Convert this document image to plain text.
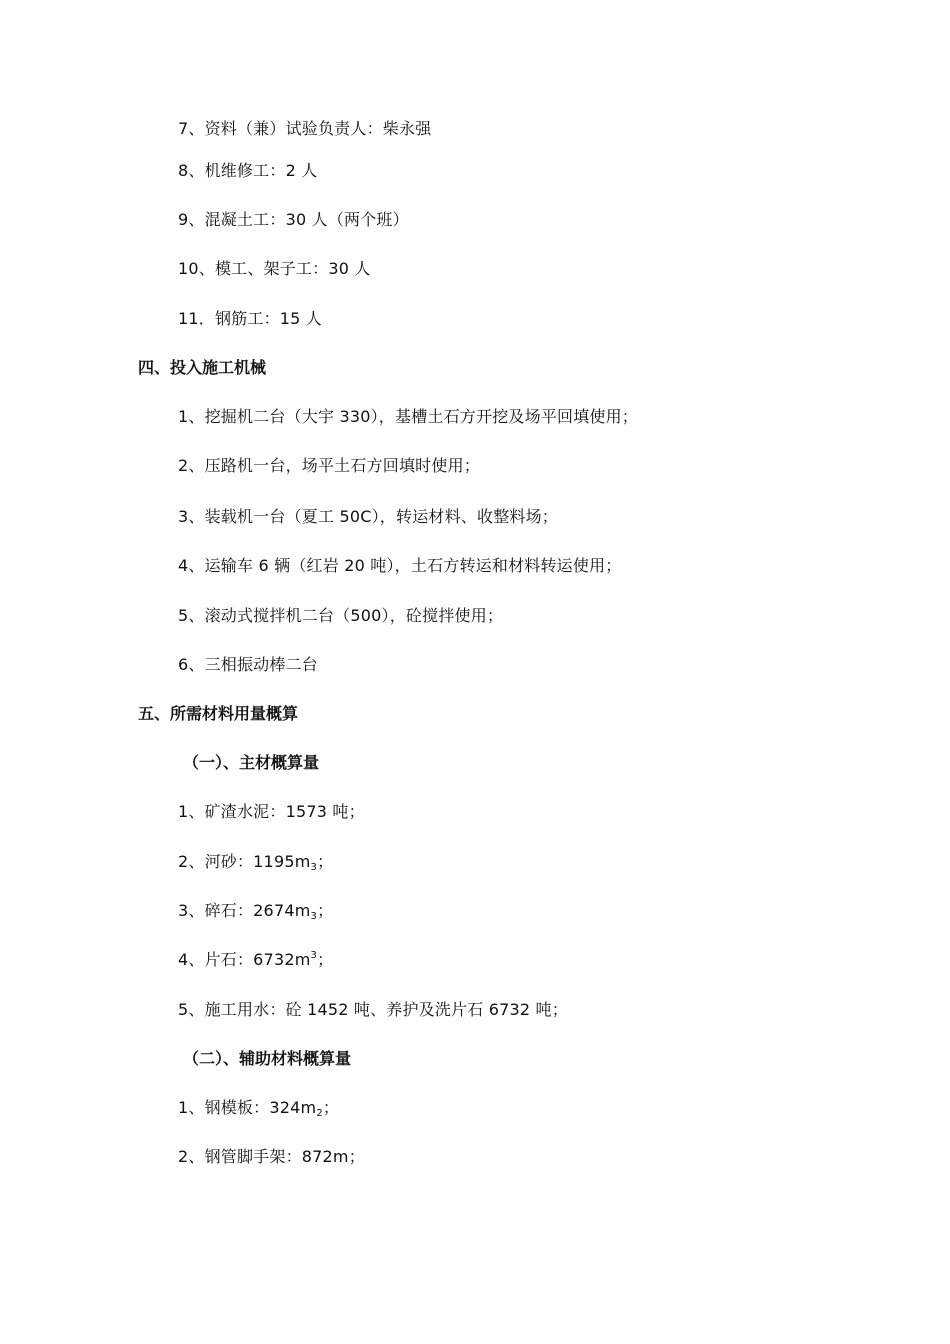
7、资料（兼）试验负责人：柴永强
8、机维修工：2 人
9、混凝土工：30 人（两个班）
10、模工、架子工：30 人
11．钢筋工：15 人
四、投入施工机械
1、挖掘机二台（大宇 330），基槽土石方开挖及场平回填使用；
2、压路机一台，场平土石方回填时使用；
3、装载机一台（夏工 50C），转运材料、收整料场；
4、运输车 6 辆（红岩 20 吨），土石方转运和材料转运使用；
5、滚动式搅拌机二台（500），砼搅拌使用；
6、三相振动棒二台
五、所需材料用量概算
（一）、主材概算量
1、矿渣水泥：1573 吨；
2、河砂：1195m3；
3、碎石：2674m3；
4、片石：$6732m^3$；
5、施工用水：砼 1452 吨、养护及洗片石 6732 吨；
（二）、辅助材料概算量
1、钢模板：324m2；
2、钢管脚手架：872m；
